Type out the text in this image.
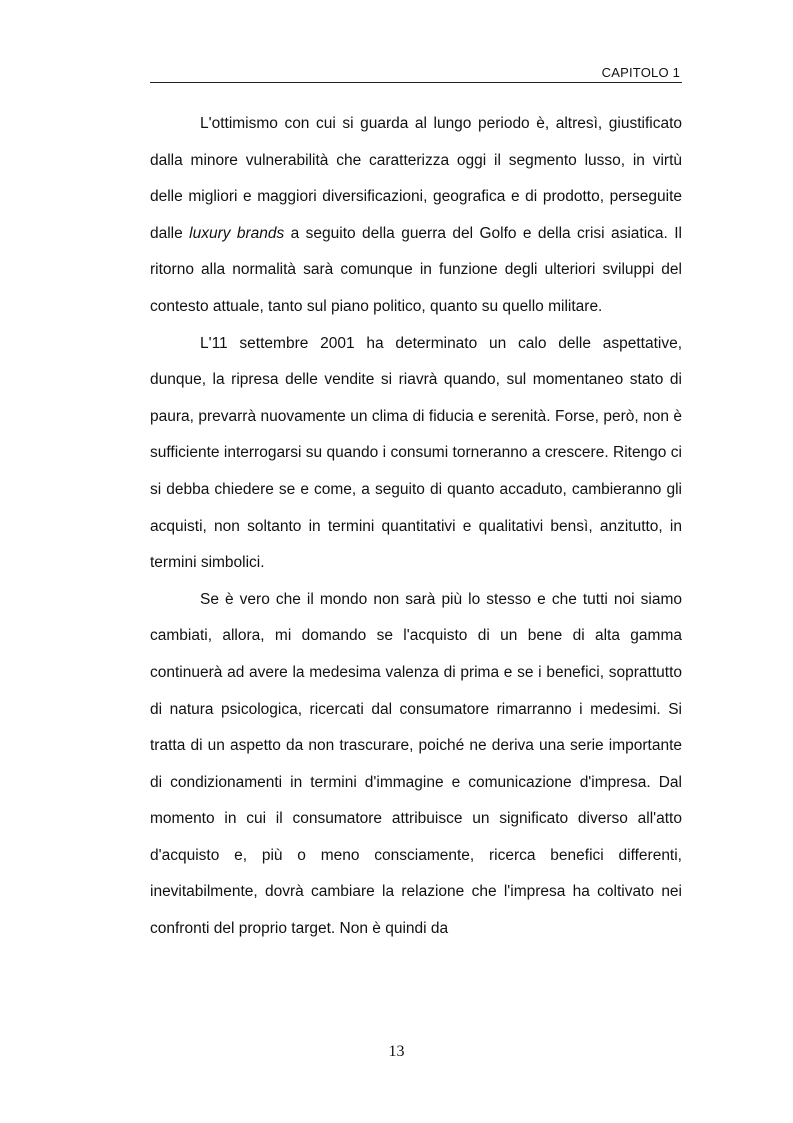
CAPITOLO 1

L'ottimismo con cui si guarda al lungo periodo è, altresì, giustificato dalla minore vulnerabilità che caratterizza oggi il segmento lusso, in virtù delle migliori e maggiori diversificazioni, geografica e di prodotto, perseguite dalle luxury brands a seguito della guerra del Golfo e della crisi asiatica. Il ritorno alla normalità sarà comunque in funzione degli ulteriori sviluppi del contesto attuale, tanto sul piano politico, quanto su quello militare.

L'11 settembre 2001 ha determinato un calo delle aspettative, dunque, la ripresa delle vendite si riavrà quando, sul momentaneo stato di paura, prevarrà nuovamente un clima di fiducia e serenità. Forse, però, non è sufficiente interrogarsi su quando i consumi torneranno a crescere. Ritengo ci si debba chiedere se e come, a seguito di quanto accaduto, cambieranno gli acquisti, non soltanto in termini quantitativi e qualitativi bensì, anzitutto, in termini simbolici.

Se è vero che il mondo non sarà più lo stesso e che tutti noi siamo cambiati, allora, mi domando se l'acquisto di un bene di alta gamma continuerà ad avere la medesima valenza di prima e se i benefici, soprattutto di natura psicologica, ricercati dal consumatore rimarranno i medesimi. Si tratta di un aspetto da non trascurare, poiché ne deriva una serie importante di condizionamenti in termini d'immagine e comunicazione d'impresa. Dal momento in cui il consumatore attribuisce un significato diverso all'atto d'acquisto e, più o meno consciamente, ricerca benefici differenti, inevitabilmente, dovrà cambiare la relazione che l'impresa ha coltivato nei confronti del proprio target. Non è quindi da

13
